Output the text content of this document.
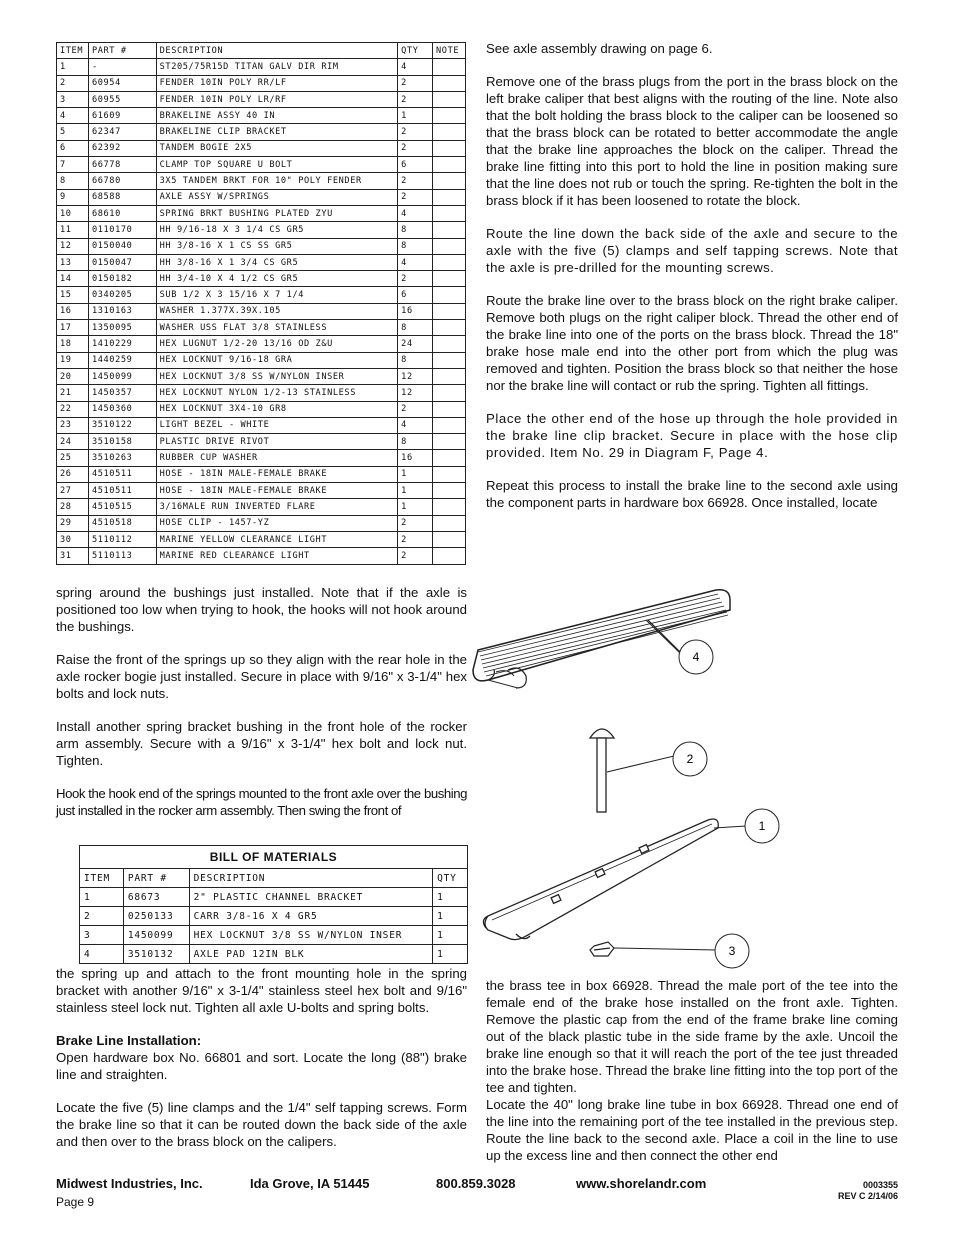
ITEM	PART #	DESCRIPTION	QTY	NOTE
1	-	ST205/75R15D TITAN GALV DIR RIM	4	
2	60954	FENDER 10IN POLY RR/LF	2	
3	60955	FENDER 10IN POLY LR/RF	2	
4	61609	BRAKELINE ASSY 40 IN	1	
5	62347	BRAKELINE CLIP BRACKET	2	
6	62392	TANDEM BOGIE 2X5	2	
7	66778	CLAMP TOP SQUARE U BOLT	6	
8	66780	3X5 TANDEM BRKT FOR 10" POLY FENDER	2	
9	68588	AXLE ASSY W/SPRINGS	2	
10	68610	SPRING BRKT BUSHING PLATED ZYU	4	
11	0110170	HH 9/16-18 X 3 1/4 CS GR5	8	
12	0150040	HH 3/8-16 X 1 CS SS GR5	8	
13	0150047	HH 3/8-16 X 1 3/4 CS GR5	4	
14	0150182	HH 3/4-10 X 4 1/2 CS GR5	2	
15	0340205	SUB 1/2 X 3 15/16 X 7 1/4	6	
16	1310163	WASHER 1.377X.39X.105	16	
17	1350095	WASHER USS FLAT 3/8 STAINLESS	8	
18	1410229	HEX LUGNUT 1/2-20 13/16 OD Z&U	24	
19	1440259	HEX LOCKNUT 9/16-18 GRA	8	
20	1450099	HEX LOCKNUT 3/8 SS W/NYLON INSER	12	
21	1450357	HEX LOCKNUT NYLON 1/2-13 STAINLESS	12	
22	1450360	HEX LOCKNUT 3X4-10 GR8	2	
23	3510122	LIGHT BEZEL - WHITE	4	
24	3510158	PLASTIC DRIVE RIVOT	8	
25	3510263	RUBBER CUP WASHER	16	
26	4510511	HOSE - 18IN MALE-FEMALE BRAKE	1	
27	4510511	HOSE - 18IN MALE-FEMALE BRAKE	1	
28	4510515	3/16MALE RUN INVERTED FLARE	1	
29	4510518	HOSE CLIP - 1457-YZ	2	
30	5110112	MARINE YELLOW CLEARANCE LIGHT	2	
31	5110113	MARINE RED CLEARANCE LIGHT	2	

See axle assembly drawing on page 6.

Remove one of the brass plugs from the port in the brass block on the left brake caliper that best aligns with the routing of the line. Note also that the bolt holding the brass block to the caliper can be loosened so that the brass block can be rotated to better accommodate the angle that the brake line approaches the block on the caliper. Thread the brake line fitting into this port to hold the line in position making sure that the line does not rub or touch the spring. Re-tighten the bolt in the brass block if it has been loosened to rotate the block.

Route the line down the back side of the axle and secure to the axle with the five (5) clamps and self tapping screws. Note that the axle is pre-drilled for the mounting screws.

Route the brake line over to the brass block on the right brake caliper. Remove both plugs on the right caliper block. Thread the other end of the brake line into one of the ports on the brass block. Thread the 18" brake hose male end into the other port from which the plug was removed and tighten. Position the brass block so that neither the hose nor the brake line will contact or rub the spring. Tighten all fittings.

Place the other end of the hose up through the hole provided in the brake line clip bracket. Secure in place with the hose clip provided. Item No. 29 in Diagram F, Page 4.

Repeat this process to install the brake line to the second axle using the component parts in hardware box 66928. Once installed, locate

spring around the bushings just installed. Note that if the axle is positioned too low when trying to hook, the hooks will not hook around the bushings.

Raise the front of the springs up so they align with the rear hole in the axle rocker bogie just installed. Secure in place with 9/16" x 3-1/4" hex bolts and lock nuts.

Install another spring bracket bushing in the front hole of the rocker arm assembly. Secure with a 9/16" x 3-1/4" hex bolt and lock nut. Tighten.

Hook the hook end of the springs mounted to the front axle over the bushing just installed in the rocker arm assembly. Then swing the front of

BILL OF MATERIALS			
ITEM	PART #	DESCRIPTION	QTY
1	68673	2" PLASTIC CHANNEL BRACKET	1
2	0250133	CARR 3/8-16 X 4 GR5	1
3	1450099	HEX LOCKNUT 3/8 SS W/NYLON INSER	1
4	3510132	AXLE PAD 12IN BLK	1

the spring up and attach to the front mounting hole in the spring bracket with another 9/16" x 3-1/4" stainless steel hex bolt and 9/16" stainless steel lock nut. Tighten all axle U-bolts and spring bolts.

Brake Line Installation:

Open hardware box No. 66801 and sort. Locate the long (88") brake line and straighten.

Locate the five (5) line clamps and the 1/4" self tapping screws. Form the brake line so that it can be routed down the back side of the axle and then over to the brass block on the calipers.

4
2
1
3

the brass tee in box 66928. Thread the male port of the tee into the female end of the brake hose installed on the front axle. Tighten. Remove the plastic cap from the end of the frame brake line coming out of the black plastic tube in the side frame by the axle. Uncoil the brake line enough so that it will reach the port of the tee just threaded into the brake hose. Thread the brake line fitting into the top port of the tee and tighten.

Locate the 40" long brake line tube in box 66928. Thread one end of the line into the remaining port of the tee installed in the previous step. Route the line back to the second axle. Place a coil in the line to use up the excess line and then connect the other end

Midwest Industries, Inc.	Ida Grove, IA 51445	800.859.3028	www.shorelandr.com
Page 9
0003355
REV C 2/14/06
